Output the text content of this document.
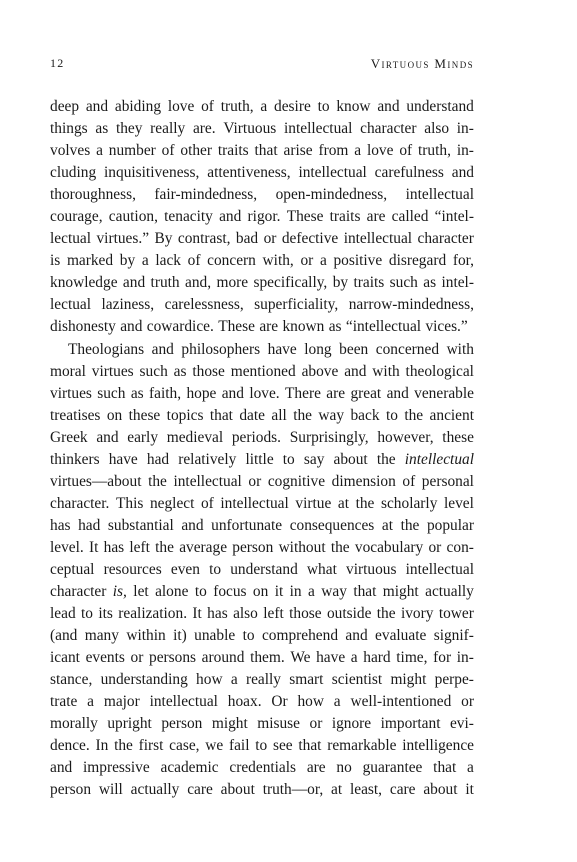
12	Virtuous Minds
deep and abiding love of truth, a desire to know and understand
things as they really are. Virtuous intellectual character also in-
volves a number of other traits that arise from a love of truth, in-
cluding inquisitiveness, attentiveness, intellectual carefulness and
thoroughness, fair-mindedness, open-mindedness, intellectual
courage, caution, tenacity and rigor. These traits are called “intel-
lectual virtues.” By contrast, bad or defective intellectual character
is marked by a lack of concern with, or a positive disregard for,
knowledge and truth and, more specifically, by traits such as intel-
lectual laziness, carelessness, superficiality, narrow-mindedness,
dishonesty and cowardice. These are known as “intellectual vices.”
Theologians and philosophers have long been concerned with
moral virtues such as those mentioned above and with theological
virtues such as faith, hope and love. There are great and venerable
treatises on these topics that date all the way back to the ancient
Greek and early medieval periods. Surprisingly, however, these
thinkers have had relatively little to say about the intellectual
virtues—about the intellectual or cognitive dimension of personal
character. This neglect of intellectual virtue at the scholarly level
has had substantial and unfortunate consequences at the popular
level. It has left the average person without the vocabulary or con-
ceptual resources even to understand what virtuous intellectual
character is, let alone to focus on it in a way that might actually
lead to its realization. It has also left those outside the ivory tower
(and many within it) unable to comprehend and evaluate signif-
icant events or persons around them. We have a hard time, for in-
stance, understanding how a really smart scientist might perpe-
trate a major intellectual hoax. Or how a well-intentioned or
morally upright person might misuse or ignore important evi-
dence. In the first case, we fail to see that remarkable intelligence
and impressive academic credentials are no guarantee that a
person will actually care about truth—or, at least, care about it
